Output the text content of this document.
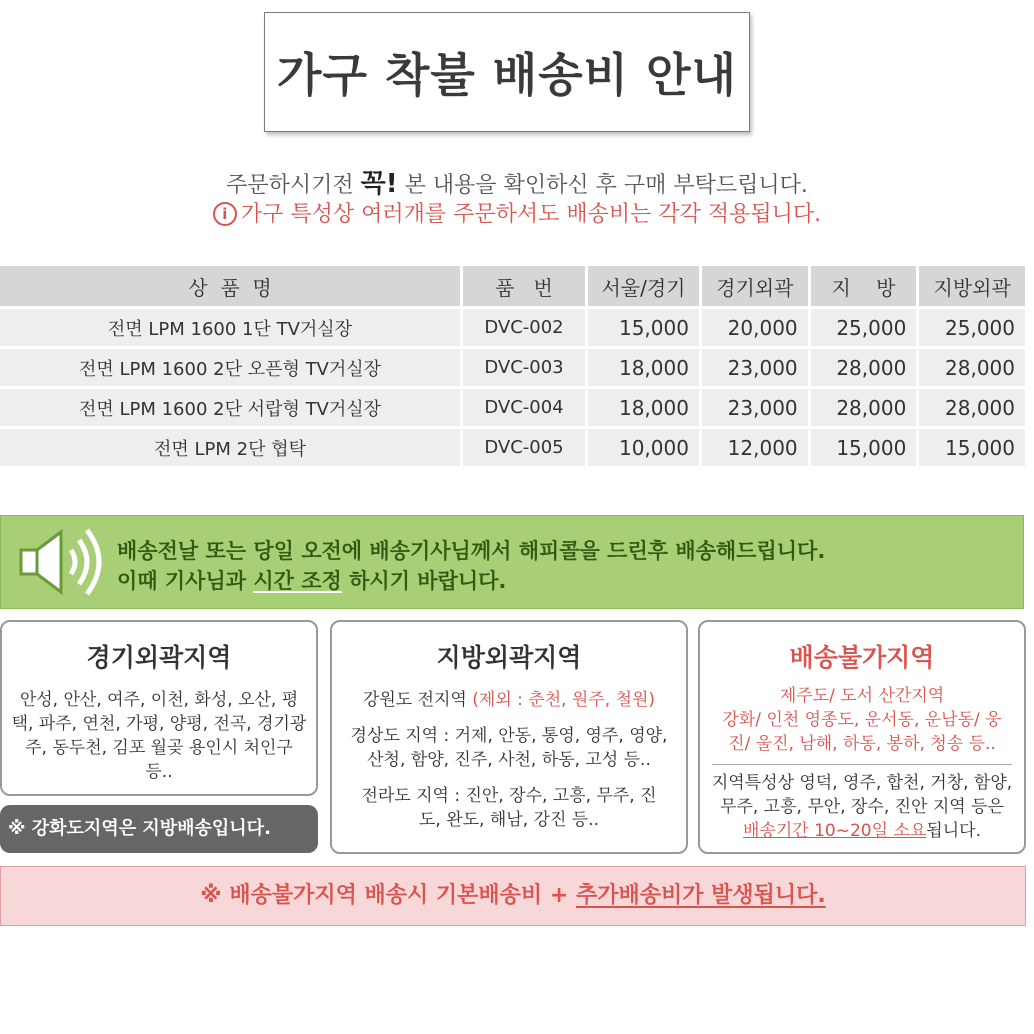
가구 착불 배송비 안내
주문하시기전 꼭! 본 내용을 확인하신 후 구매 부탁드립니다.
i 가구 특성상 여러개를 주문하셔도 배송비는 각각 적용됩니다.
상  품  명	품   번	서울/경기	경기외곽	지    방	지방외곽
전면 LPM 1600 1단 TV거실장	DVC-002	15,000	20,000	25,000	25,000
전면 LPM 1600 2단 오픈형 TV거실장	DVC-003	18,000	23,000	28,000	28,000
전면 LPM 1600 2단 서랍형 TV거실장	DVC-004	18,000	23,000	28,000	28,000
전면 LPM 2단 협탁	DVC-005	10,000	12,000	15,000	15,000
배송전날 또는 당일 오전에 배송기사님께서 해피콜을 드린후 배송해드립니다.
이때 기사님과 시간 조정 하시기 바랍니다.
경기외곽지역

안성, 안산, 여주, 이천, 화성, 오산, 평택, 파주, 연천, 가평, 양평, 전곡, 경기광주, 동두천, 김포 월곶 용인시 처인구 등..

※ 강화도지역은 지방배송입니다.
지방외곽지역

강원도 전지역 (제외 : 춘천, 원주, 철원)

경상도 지역 : 거제, 안동, 통영, 영주, 영양, 산청, 함양, 진주, 사천, 하동, 고성 등..

전라도 지역 : 진안, 장수, 고흥, 무주, 진도, 완도, 해남, 강진 등..

배송불가지역

제주도/ 도서 산간지역

강화/ 인천 영종도, 운서동, 운남동/ 웅진/ 울진, 남해, 하동, 봉하, 청송 등..

지역특성상 영덕, 영주, 합천, 거창, 함양, 무주, 고흥, 무안, 장수, 진안 지역 등은 배송기간 10~20일 소요됩니다.

※ 배송불가지역 배송시 기본배송비 + 추가배송비가 발생됩니다.
